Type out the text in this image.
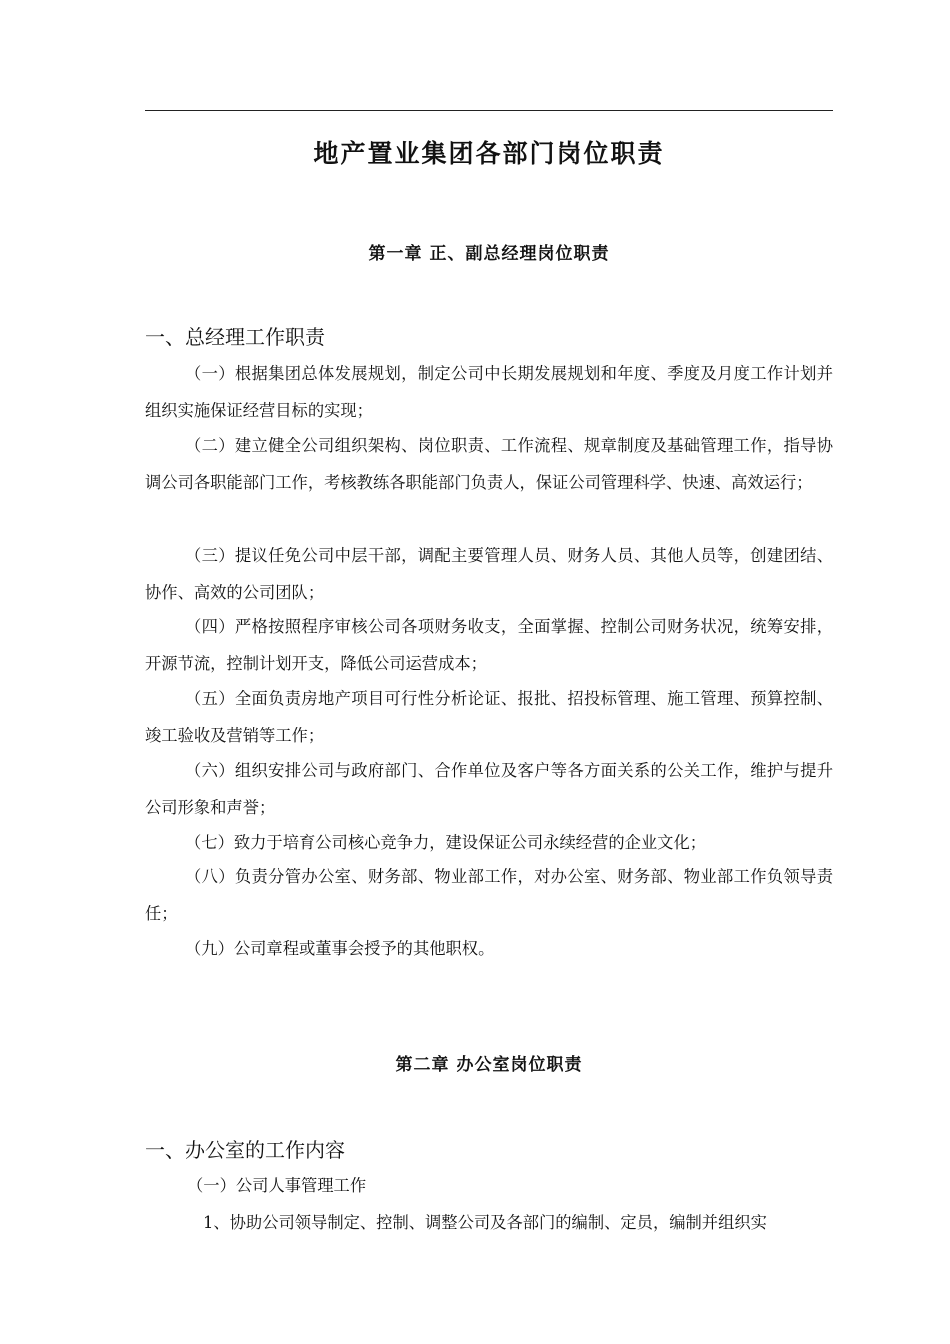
地产置业集团各部门岗位职责
第一章 正、副总经理岗位职责
一、总经理工作职责

（一）根据集团总体发展规划，制定公司中长期发展规划和年度、季度及月度工作计划并组织实施保证经营目标的实现；

（二）建立健全公司组织架构、岗位职责、工作流程、规章制度及基础管理工作，指导协调公司各职能部门工作，考核教练各职能部门负责人，保证公司管理科学、快速、高效运行；

（三）提议任免公司中层干部，调配主要管理人员、财务人员、其他人员等，创建团结、协作、高效的公司团队；

（四）严格按照程序审核公司各项财务收支，全面掌握、控制公司财务状况，统筹安排，开源节流，控制计划开支，降低公司运营成本；

（五）全面负责房地产项目可行性分析论证、报批、招投标管理、施工管理、预算控制、竣工验收及营销等工作；

（六）组织安排公司与政府部门、合作单位及客户等各方面关系的公关工作，维护与提升公司形象和声誉；

（七）致力于培育公司核心竞争力，建设保证公司永续经营的企业文化；

（八）负责分管办公室、财务部、物业部工作，对办公室、财务部、物业部工作负领导责任；

（九）公司章程或董事会授予的其他职权。

第二章 办公室岗位职责
一、办公室的工作内容
（一）公司人事管理工作
1、协助公司领导制定、控制、调整公司及各部门的编制、定员，编制并组织实
